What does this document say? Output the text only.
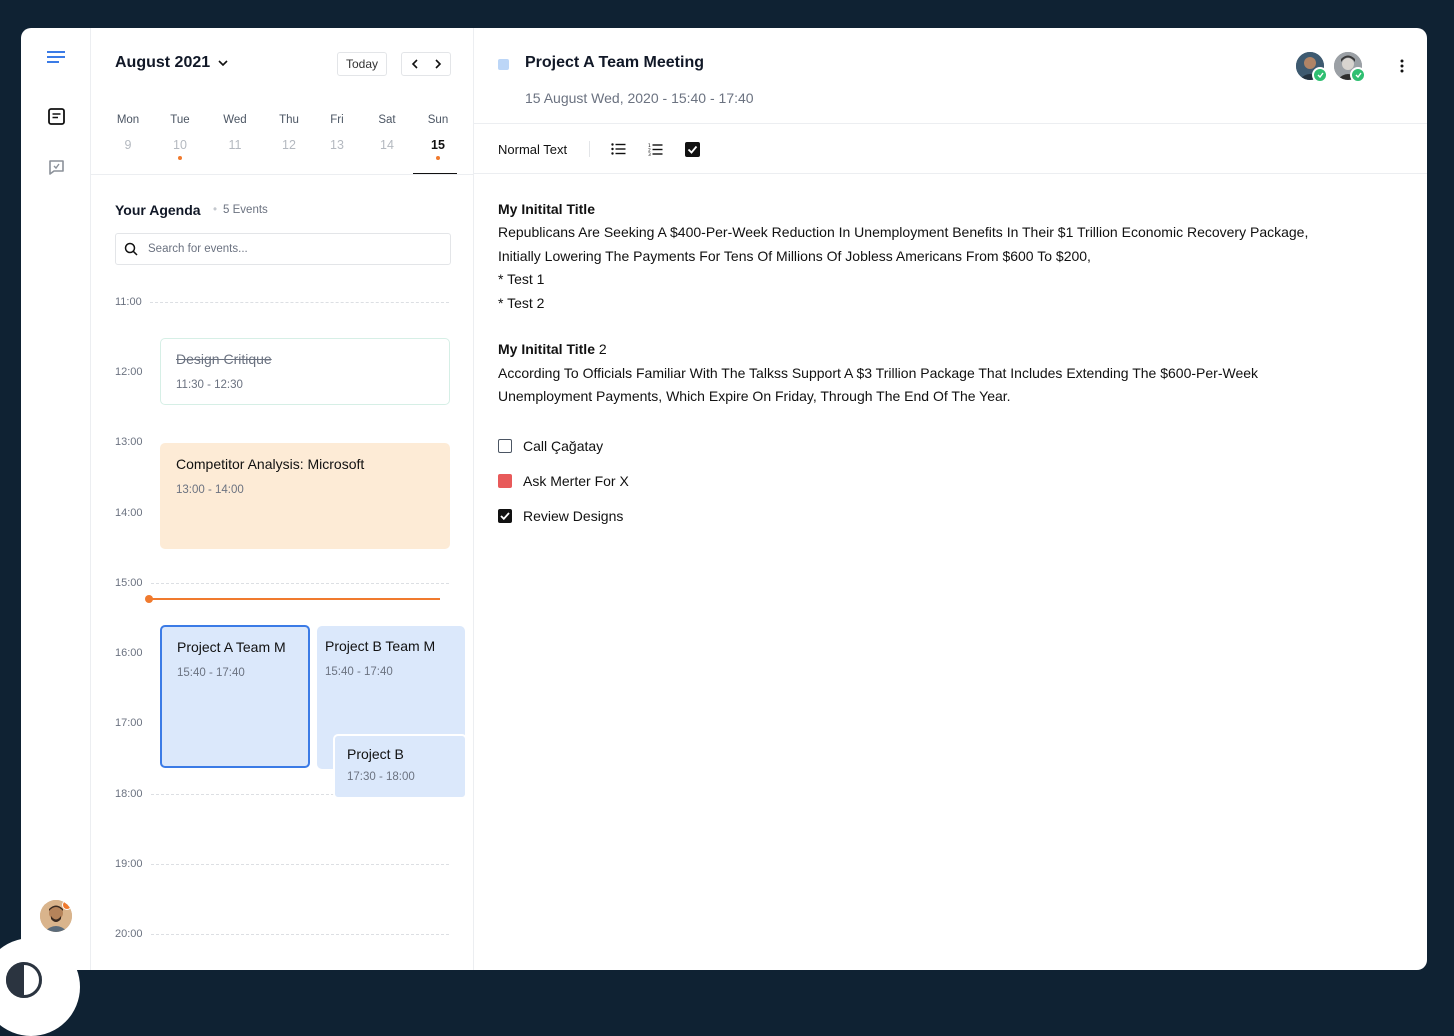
August 2021	Today
Mon
9
Tue
10
Wed
11
Thu
12
Fri
13
Sat
14
Sun
15
Your Agenda
•	5 Events
Search for events...
11:00
12:00
13:00
14:00
15:00
16:00
17:00
18:00
19:00
20:00
Design Critique
11:30 - 12:30
Competitor Analysis: Microsoft
13:00 - 14:00
Project A Team M
15:40 - 17:40
Project B Team M
15:40 - 17:40
Project B
17:30 - 18:00
Project A Team Meeting
15 August Wed, 2020 - 15:40 - 17:40
Normal Text	1
2
3
My Initital Title
Republicans Are Seeking A $400-Per-Week Reduction In Unemployment Benefits In Their $1 Trillion Economic Recovery Package,
Initially Lowering The Payments For Tens Of Millions Of Jobless Americans From $600 To $200,
* Test 1
* Test 2
My Initital Title 2
According To Officials Familiar With The Talkss Support A $3 Trillion Package That Includes Extending The $600-Per-Week
Unemployment Payments, Which Expire On Friday, Through The End Of The Year.
Call Çağatay
Ask Merter For X
Review Designs
